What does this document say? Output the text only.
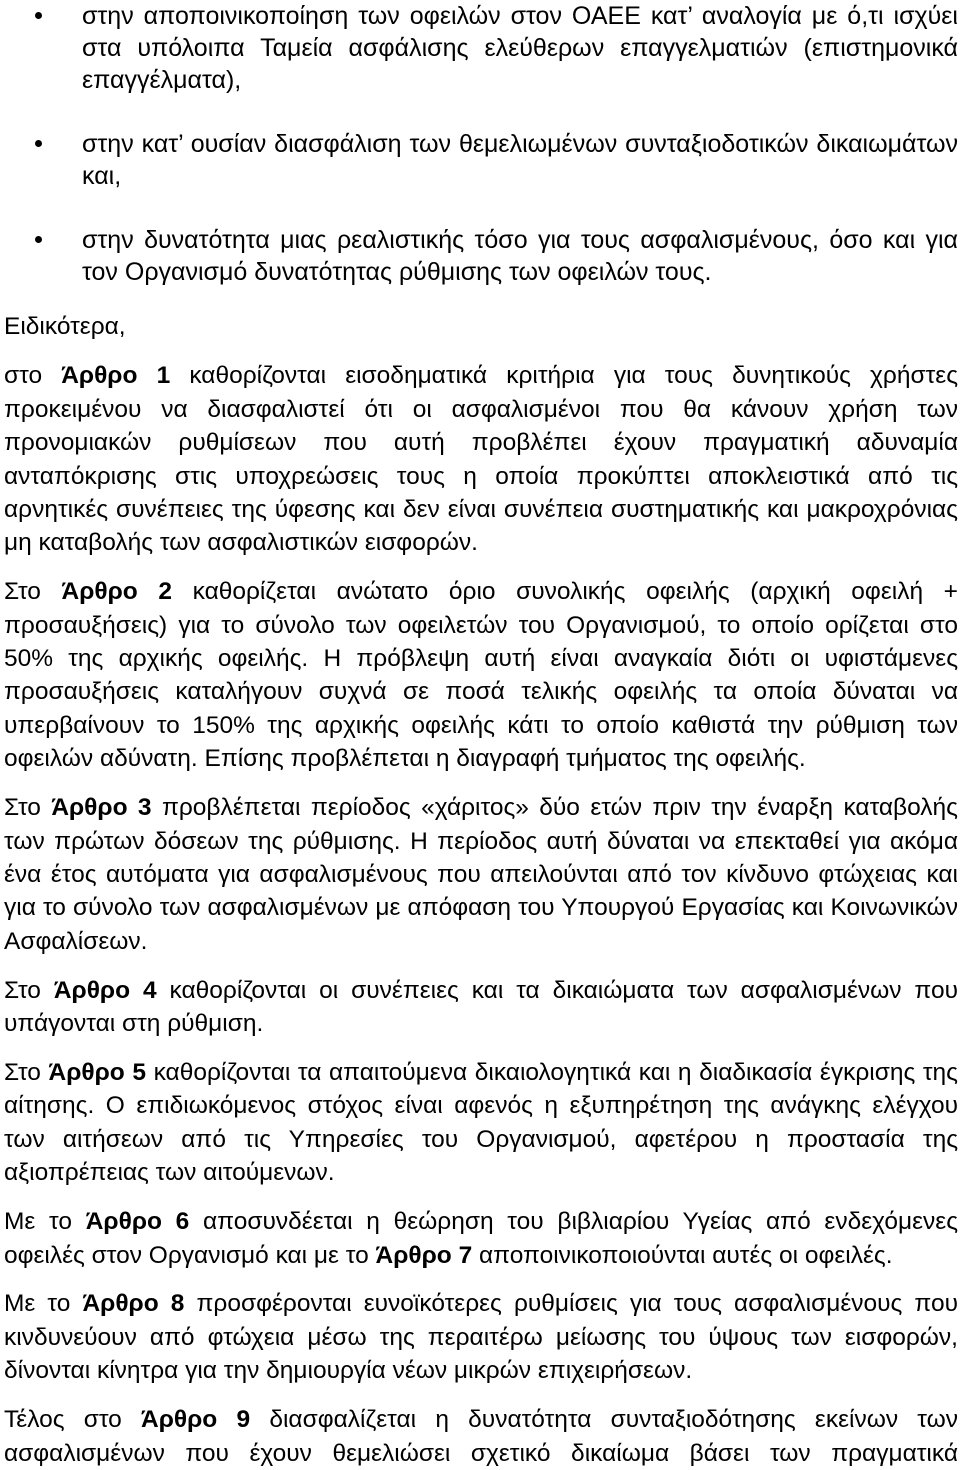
στην αποποινικοποίηση των οφειλών στον ΟΑΕΕ κατ’ αναλογία με ό,τι ισχύει στα υπόλοιπα Ταμεία ασφάλισης ελεύθερων επαγγελματιών (επιστημονικά επαγγέλματα),
στην κατ’ ουσίαν διασφάλιση των θεμελιωμένων συνταξιοδοτικών δικαιωμάτων και,
στην δυνατότητα μιας ρεαλιστικής τόσο για τους ασφαλισμένους, όσο και για τον Οργανισμό δυνατότητας ρύθμισης των οφειλών τους.

Ειδικότερα,

στο Άρθρο 1 καθορίζονται εισοδηματικά κριτήρια για τους δυνητικούς χρήστες προκειμένου να διασφαλιστεί ότι οι ασφαλισμένοι που θα κάνουν χρήση των προνομιακών ρυθμίσεων που αυτή προβλέπει έχουν πραγματική αδυναμία ανταπόκρισης στις υποχρεώσεις τους η οποία προκύπτει αποκλειστικά από τις αρνητικές συνέπειες της ύφεσης και δεν είναι συνέπεια συστηματικής και μακροχρόνιας μη καταβολής των ασφαλιστικών εισφορών.

Στο Άρθρο 2 καθορίζεται ανώτατο όριο συνολικής οφειλής (αρχική οφειλή + προσαυξήσεις) για το σύνολο των οφειλετών του Οργανισμού, το οποίο ορίζεται στο 50% της αρχικής οφειλής. Η πρόβλεψη αυτή είναι αναγκαία διότι οι υφιστάμενες προσαυξήσεις καταλήγουν συχνά σε ποσά τελικής οφειλής τα οποία δύναται να υπερβαίνουν το 150% της αρχικής οφειλής κάτι το οποίο καθιστά την ρύθμιση των οφειλών αδύνατη. Επίσης προβλέπεται η διαγραφή τμήματος της οφειλής.

Στο Άρθρο 3 προβλέπεται περίοδος «χάριτος» δύο ετών πριν την έναρξη καταβολής των πρώτων δόσεων της ρύθμισης. Η περίοδος αυτή δύναται να επεκταθεί για ακόμα ένα έτος αυτόματα για ασφαλισμένους που απειλούνται από τον κίνδυνο φτώχειας και για το σύνολο των ασφαλισμένων με απόφαση του Υπουργού Εργασίας και Κοινωνικών Ασφαλίσεων.

Στο Άρθρο 4 καθορίζονται οι συνέπειες και τα δικαιώματα των ασφαλισμένων που υπάγονται στη ρύθμιση.

Στο Άρθρο 5 καθορίζονται τα απαιτούμενα δικαιολογητικά και η διαδικασία έγκρισης της αίτησης. Ο επιδιωκόμενος στόχος είναι αφενός η εξυπηρέτηση της ανάγκης ελέγχου των αιτήσεων από τις Υπηρεσίες του Οργανισμού, αφετέρου η προστασία της αξιοπρέπειας των αιτούμενων.

Με το Άρθρο 6 αποσυνδέεται η θεώρηση του βιβλιαρίου Υγείας από ενδεχόμενες οφειλές στον Οργανισμό και με το Άρθρο 7 αποποινικοποιούνται αυτές οι οφειλές.

Με το Άρθρο 8 προσφέρονται ευνοϊκότερες ρυθμίσεις για τους ασφαλισμένους που κινδυνεύουν από φτώχεια μέσω της περαιτέρω μείωσης του ύψους των εισφορών, δίνονται κίνητρα για την δημιουργία νέων μικρών επιχειρήσεων.

Τέλος στο Άρθρο 9 διασφαλίζεται η δυνατότητα συνταξιοδότησης εκείνων των ασφαλισμένων που έχουν θεμελιώσει σχετικό δικαίωμα βάσει των πραγματικά
